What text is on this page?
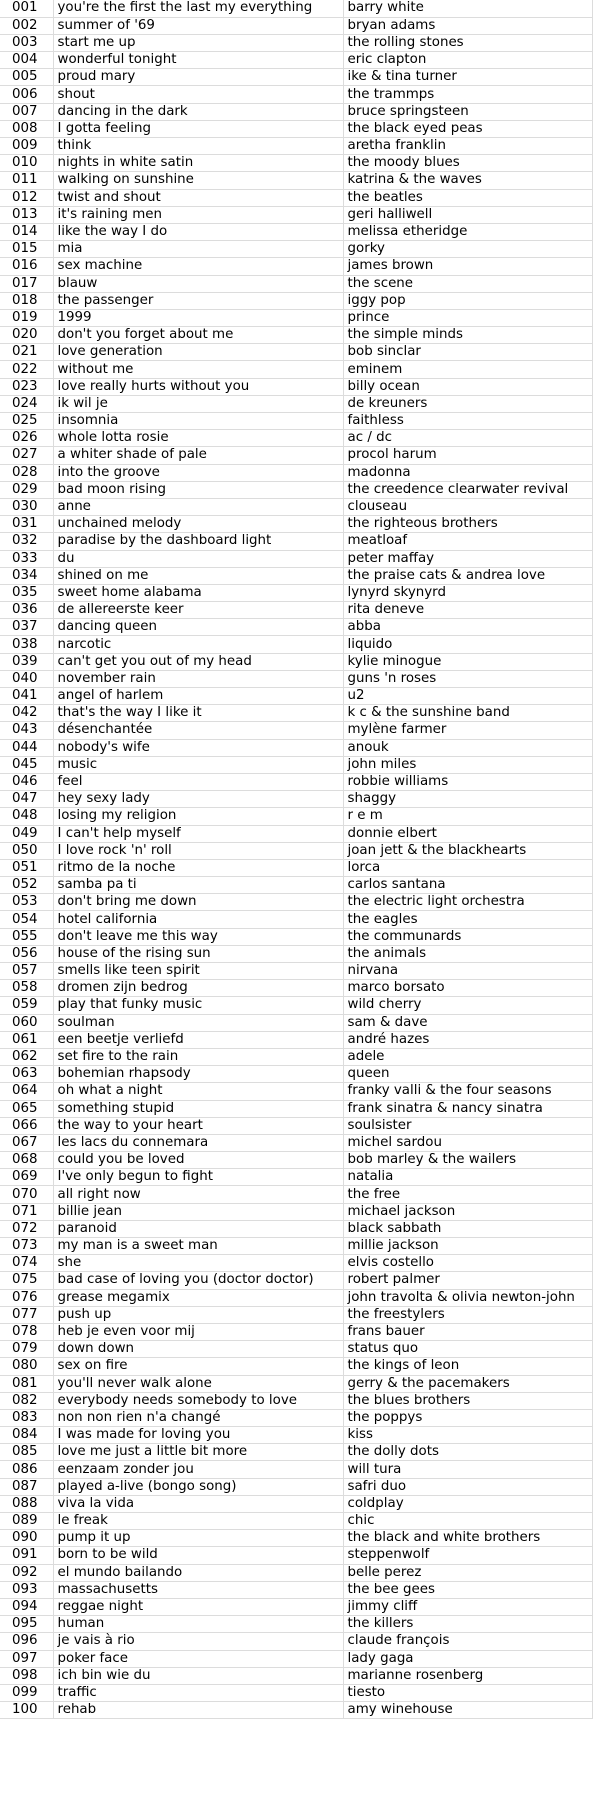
001	you're the first the last my everything	barry white
002	summer of '69	bryan adams
003	start me up	the rolling stones
004	wonderful tonight	eric clapton
005	proud mary	ike & tina turner
006	shout	the trammps
007	dancing in the dark	bruce springsteen
008	I gotta feeling	the black eyed peas
009	think	aretha franklin
010	nights in white satin	the moody blues
011	walking on sunshine	katrina & the waves
012	twist and shout	the beatles
013	it's raining men	geri halliwell
014	like the way I do	melissa etheridge
015	mia	gorky
016	sex machine	james brown
017	blauw	the scene
018	the passenger	iggy pop
019	1999	prince
020	don't you forget about me	the simple minds
021	love generation	bob sinclar
022	without me	eminem
023	love really hurts without you	billy ocean
024	ik wil je	de kreuners
025	insomnia	faithless
026	whole lotta rosie	ac / dc
027	a whiter shade of pale	procol harum
028	into the groove	madonna
029	bad moon rising	the creedence clearwater revival
030	anne	clouseau
031	unchained melody	the righteous brothers
032	paradise by the dashboard light	meatloaf
033	du	peter maffay
034	shined on me	the praise cats & andrea love
035	sweet home alabama	lynyrd skynyrd
036	de allereerste keer	rita deneve
037	dancing queen	abba
038	narcotic	liquido
039	can't get you out of my head	kylie minogue
040	november rain	guns 'n roses
041	angel of harlem	u2
042	that's the way I like it	k c & the sunshine band
043	désenchantée	mylène farmer
044	nobody's wife	anouk
045	music	john miles
046	feel	robbie williams
047	hey sexy lady	shaggy
048	losing my religion	r e m
049	I can't help myself	donnie elbert
050	I love rock 'n' roll	joan jett & the blackhearts
051	ritmo de la noche	lorca
052	samba pa ti	carlos santana
053	don't bring me down	the electric light orchestra
054	hotel california	the eagles
055	don't leave me this way	the communards
056	house of the rising sun	the animals
057	smells like teen spirit	nirvana
058	dromen zijn bedrog	marco borsato
059	play that funky music	wild cherry
060	soulman	sam & dave
061	een beetje verliefd	andré hazes
062	set fire to the rain	adele
063	bohemian rhapsody	queen
064	oh what a night	franky valli & the four seasons
065	something stupid	frank sinatra & nancy sinatra
066	the way to your heart	soulsister
067	les lacs du connemara	michel sardou
068	could you be loved	bob marley & the wailers
069	I've only begun to fight	natalia
070	all right now	the free
071	billie jean	michael jackson
072	paranoid	black sabbath
073	my man is a sweet man	millie jackson
074	she	elvis costello
075	bad case of loving you (doctor doctor)	robert palmer
076	grease megamix	john travolta & olivia newton-john
077	push up	the freestylers
078	heb je even voor mij	frans bauer
079	down down	status quo
080	sex on fire	the kings of leon
081	you'll never walk alone	gerry & the pacemakers
082	everybody needs somebody to love	the blues brothers
083	non non rien n'a changé	the poppys
084	I was made for loving you	kiss
085	love me just a little bit more	the dolly dots
086	eenzaam zonder jou	will tura
087	played a-live (bongo song)	safri duo
088	viva la vida	coldplay
089	le freak	chic
090	pump it up	the black and white brothers
091	born to be wild	steppenwolf
092	el mundo bailando	belle perez
093	massachusetts	the bee gees
094	reggae night	jimmy cliff
095	human	the killers
096	je vais à rio	claude françois
097	poker face	lady gaga
098	ich bin wie du	marianne rosenberg
099	traffic	tiesto
100	rehab	amy winehouse
